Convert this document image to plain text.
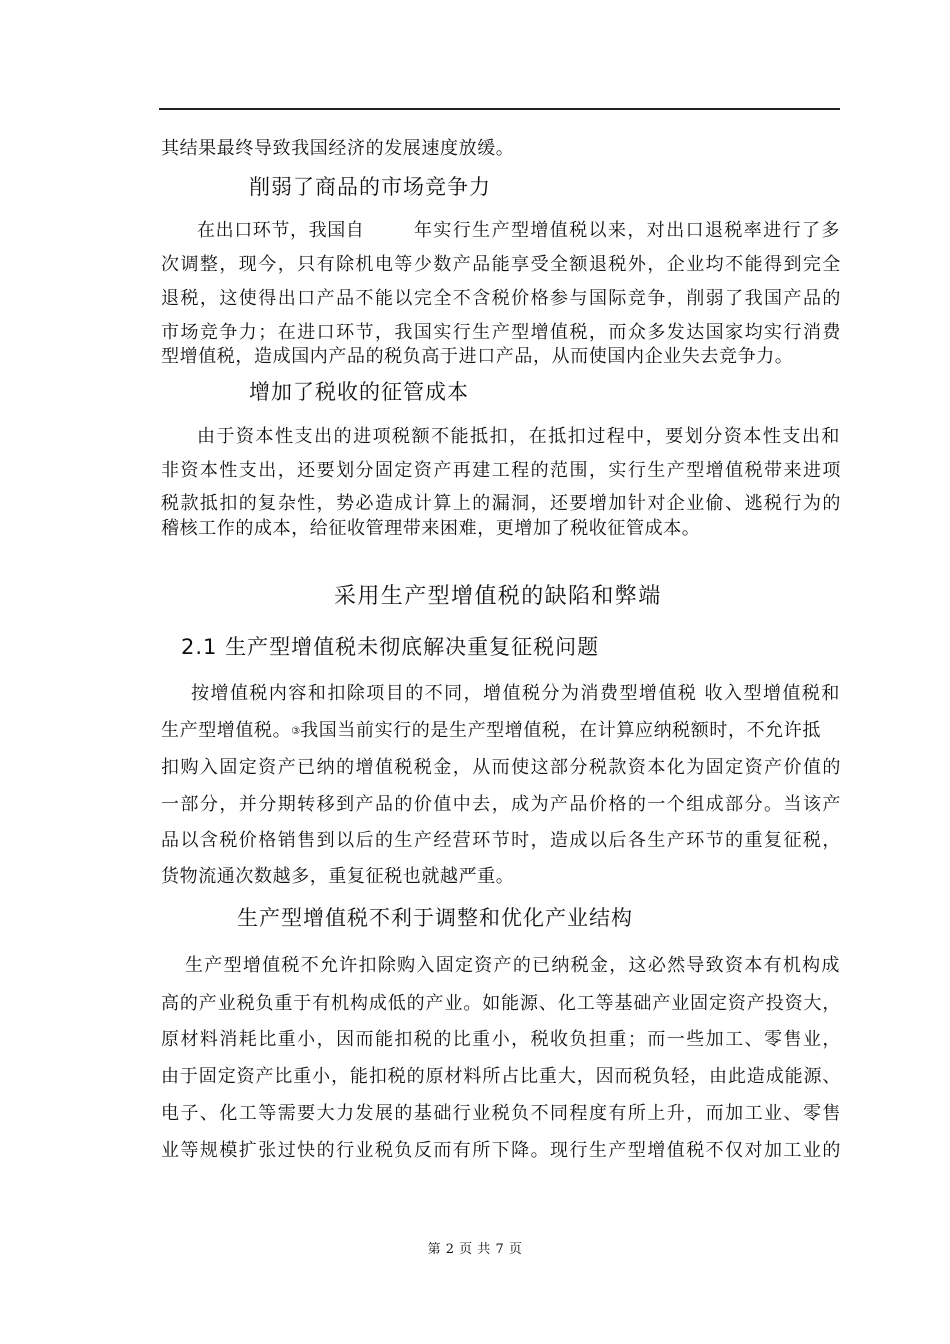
其结果最终导致我国经济的发展速度放缓。
削弱了商品的市场竞争力
在出口环节，我国自	年实行生产型增值税以来，对出口退税率进行了多
次调整，现今，只有除机电等少数产品能享受全额退税外，企业均不能得到完全
退税，这使得出口产品不能以完全不含税价格参与国际竞争，削弱了我国产品的
市场竞争力；在进口环节，我国实行生产型增值税，而众多发达国家均实行消费
型增值税，造成国内产品的税负高于进口产品，从而使国内企业失去竞争力。
增加了税收的征管成本
由于资本性支出的进项税额不能抵扣，在抵扣过程中，要划分资本性支出和
非资本性支出，还要划分固定资产再建工程的范围，实行生产型增值税带来进项
税款抵扣的复杂性，势必造成计算上的漏洞，还要增加针对企业偷、逃税行为的
稽核工作的成本，给征收管理带来困难，更增加了税收征管成本。
采用生产型增值税的缺陷和弊端
2.1 生产型增值税未彻底解决重复征税问题
按增值税内容和扣除项目的不同，增值税分为消费型增值税 收入型增值税和
生产型增值税。③我国当前实行的是生产型增值税，在计算应纳税额时，不允许抵
扣购入固定资产已纳的增值税税金，从而使这部分税款资本化为固定资产价值的
一部分，并分期转移到产品的价值中去，成为产品价格的一个组成部分。当该产
品以含税价格销售到以后的生产经营环节时，造成以后各生产环节的重复征税，
货物流通次数越多，重复征税也就越严重。
生产型增值税不利于调整和优化产业结构
生产型增值税不允许扣除购入固定资产的已纳税金，这必然导致资本有机构成
高的产业税负重于有机构成低的产业。如能源、化工等基础产业固定资产投资大，
原材料消耗比重小，因而能扣税的比重小，税收负担重；而一些加工、零售业，
由于固定资产比重小，能扣税的原材料所占比重大，因而税负轻，由此造成能源、
电子、化工等需要大力发展的基础行业税负不同程度有所上升，而加工业、零售
业等规模扩张过快的行业税负反而有所下降。现行生产型增值税不仅对加工业的
第 2 页 共 7 页
